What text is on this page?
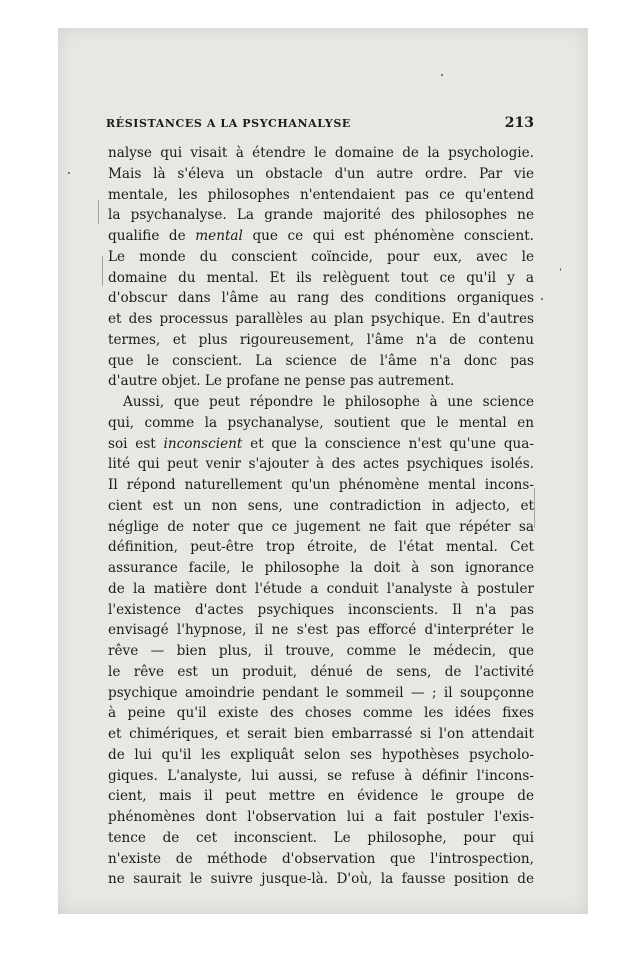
RÉSISTANCES A LA PSYCHANALYSE	213
nalyse qui visait à étendre le domaine de la psychologie.
Mais là s'éleva un obstacle d'un autre ordre. Par vie
mentale, les philosophes n'entendaient pas ce qu'entend
la psychanalyse. La grande majorité des philosophes ne
qualifie de mental que ce qui est phénomène conscient.
Le monde du conscient coïncide, pour eux, avec le
domaine du mental. Et ils relèguent tout ce qu'il y a
d'obscur dans l'âme au rang des conditions organiques
et des processus parallèles au plan psychique. En d'autres
termes, et plus rigoureusement, l'âme n'a de contenu
que le conscient. La science de l'âme n'a donc pas
d'autre objet. Le profane ne pense pas autrement.
Aussi, que peut répondre le philosophe à une science
qui, comme la psychanalyse, soutient que le mental en
soi est inconscient et que la conscience n'est qu'une qua-
lité qui peut venir s'ajouter à des actes psychiques isolés.
Il répond naturellement qu'un phénomène mental incons-
cient est un non sens, une contradiction in adjecto, et
néglige de noter que ce jugement ne fait que répéter sa
définition, peut-être trop étroite, de l'état mental. Cet
assurance facile, le philosophe la doit à son ignorance
de la matière dont l'étude a conduit l'analyste à postuler
l'existence d'actes psychiques inconscients. Il n'a pas
envisagé l'hypnose, il ne s'est pas efforcé d'interpréter le
rêve — bien plus, il trouve, comme le médecin, que
le rêve est un produit, dénué de sens, de l'activité
psychique amoindrie pendant le sommeil — ; il soupçonne
à peine qu'il existe des choses comme les idées fixes
et chimériques, et serait bien embarrassé si l'on attendait
de lui qu'il les expliquât selon ses hypothèses psycholo-
giques. L'analyste, lui aussi, se refuse à définir l'incons-
cient, mais il peut mettre en évidence le groupe de
phénomènes dont l'observation lui a fait postuler l'exis-
tence de cet inconscient. Le philosophe, pour qui
n'existe de méthode d'observation que l'introspection,
ne saurait le suivre jusque-là. D'où, la fausse position de
